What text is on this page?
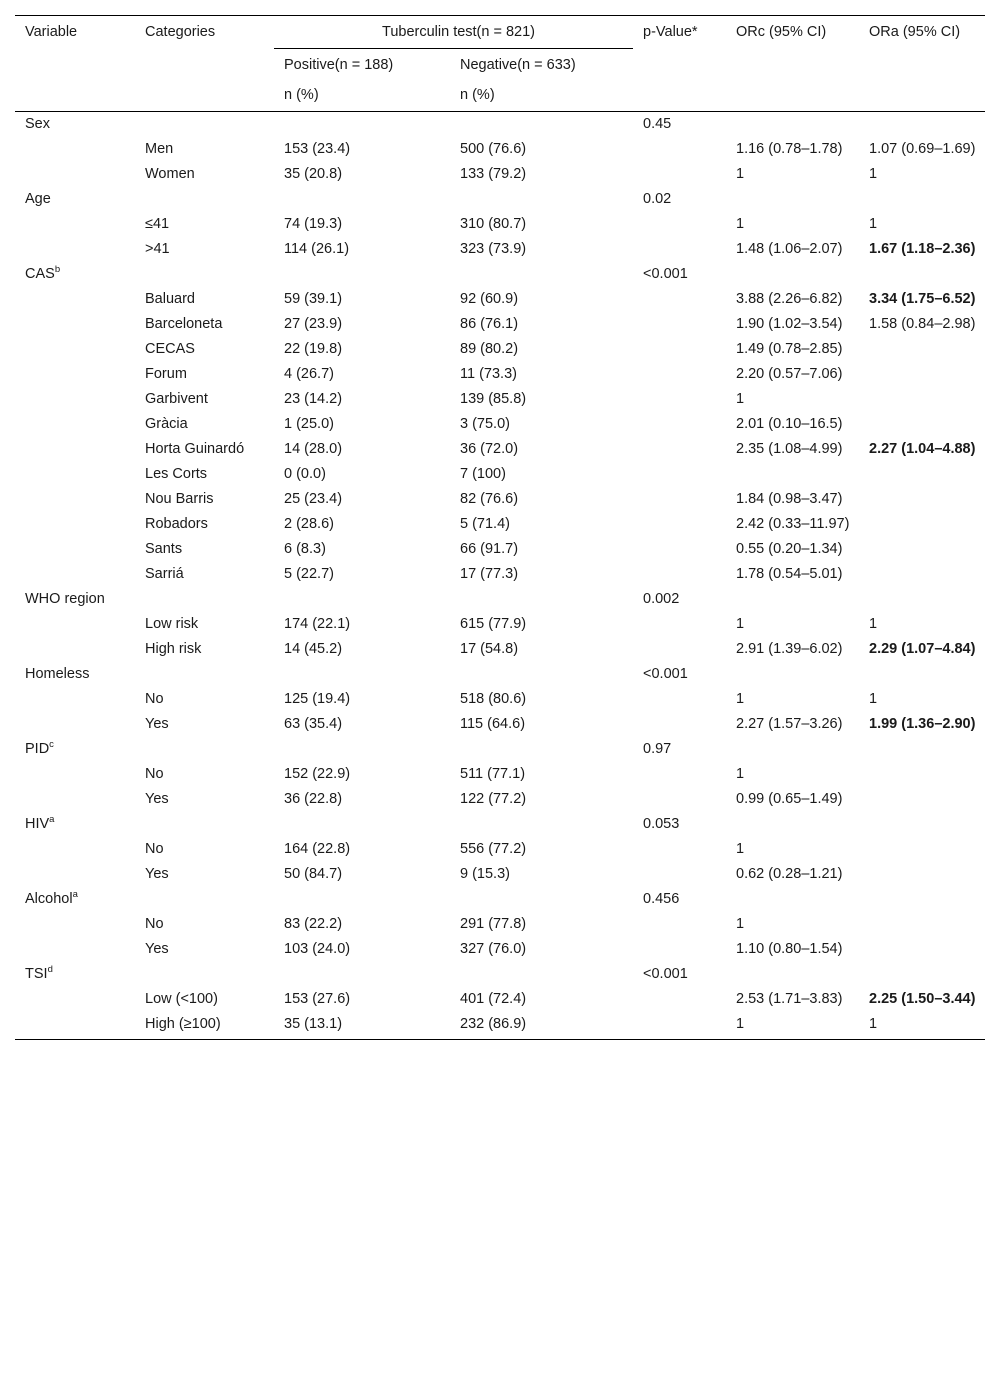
Variable	Categories	Tuberculin test(n = 821)		p-Value*	ORc (95% CI)	ORa (95% CI)
		Positive(n = 188)	Negative(n = 633)			
		n (%)	n (%)			
Sex				0.45		
	Men	153 (23.4)	500 (76.6)		1.16 (0.78–1.78)	1.07 (0.69–1.69)
	Women	35 (20.8)	133 (79.2)		1	1
Age				0.02		
	≤41	74 (19.3)	310 (80.7)		1	1
	>41	114 (26.1)	323 (73.9)		1.48 (1.06–2.07)	1.67 (1.18–2.36)
CAS$^b$				<0.001		
	Baluard	59 (39.1)	92 (60.9)		3.88 (2.26–6.82)	3.34 (1.75–6.52)
	Barceloneta	27 (23.9)	86 (76.1)		1.90 (1.02–3.54)	1.58 (0.84–2.98)
	CECAS	22 (19.8)	89 (80.2)		1.49 (0.78–2.85)	
	Forum	4 (26.7)	11 (73.3)		2.20 (0.57–7.06)	
	Garbivent	23 (14.2)	139 (85.8)		1	
	Gràcia	1 (25.0)	3 (75.0)		2.01 (0.10–16.5)	
	Horta Guinardó	14 (28.0)	36 (72.0)		2.35 (1.08–4.99)	2.27 (1.04–4.88)
	Les Corts	0 (0.0)	7 (100)			
	Nou Barris	25 (23.4)	82 (76.6)		1.84 (0.98–3.47)	
	Robadors	2 (28.6)	5 (71.4)		2.42 (0.33–11.97)	
	Sants	6 (8.3)	66 (91.7)		0.55 (0.20–1.34)	
	Sarriá	5 (22.7)	17 (77.3)		1.78 (0.54–5.01)	
WHO region				0.002		
	Low risk	174 (22.1)	615 (77.9)		1	1
	High risk	14 (45.2)	17 (54.8)		2.91 (1.39–6.02)	2.29 (1.07–4.84)
Homeless				<0.001		
	No	125 (19.4)	518 (80.6)		1	1
	Yes	63 (35.4)	115 (64.6)		2.27 (1.57–3.26)	1.99 (1.36–2.90)
PID$^c$				0.97		
	No	152 (22.9)	511 (77.1)		1	
	Yes	36 (22.8)	122 (77.2)		0.99 (0.65–1.49)	
HIV$^a$				0.053		
	No	164 (22.8)	556 (77.2)		1	
	Yes	50 (84.7)	9 (15.3)		0.62 (0.28–1.21)	
Alcohol$^a$				0.456		
	No	83 (22.2)	291 (77.8)		1	
	Yes	103 (24.0)	327 (76.0)		1.10 (0.80–1.54)	
TSI$^d$				<0.001		
	Low (<100)	153 (27.6)	401 (72.4)		2.53 (1.71–3.83)	2.25 (1.50–3.44)
	High (≥100)	35 (13.1)	232 (86.9)		1	1
